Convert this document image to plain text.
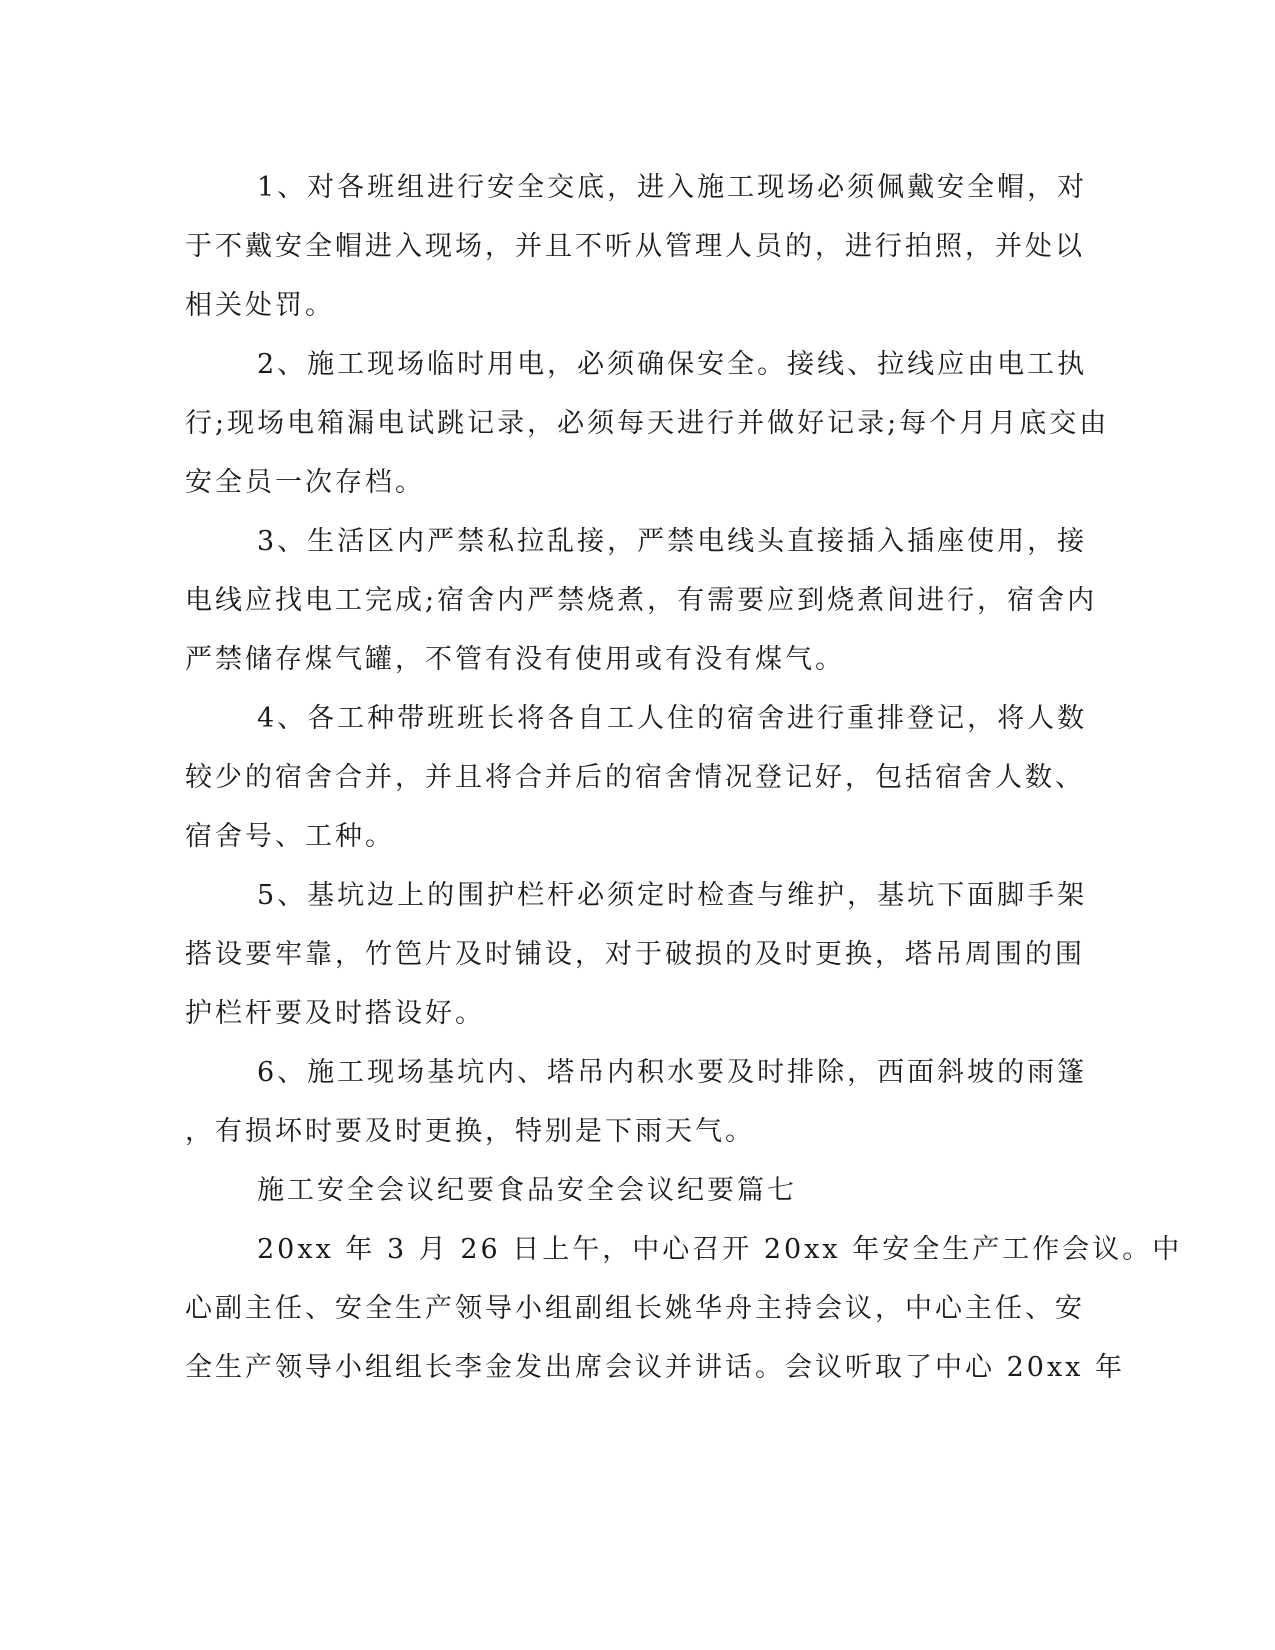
1、对各班组进行安全交底，进入施工现场必须佩戴安全帽，对
于不戴安全帽进入现场，并且不听从管理人员的，进行拍照，并处以
相关处罚。
2、施工现场临时用电，必须确保安全。接线、拉线应由电工执
行;现场电箱漏电试跳记录，必须每天进行并做好记录;每个月月底交由
安全员一次存档。
3、生活区内严禁私拉乱接，严禁电线头直接插入插座使用，接
电线应找电工完成;宿舍内严禁烧煮，有需要应到烧煮间进行，宿舍内
严禁储存煤气罐，不管有没有使用或有没有煤气。
4、各工种带班班长将各自工人住的宿舍进行重排登记，将人数
较少的宿舍合并，并且将合并后的宿舍情况登记好，包括宿舍人数、
宿舍号、工种。
5、基坑边上的围护栏杆必须定时检查与维护，基坑下面脚手架
搭设要牢靠，竹笆片及时铺设，对于破损的及时更换，塔吊周围的围
护栏杆要及时搭设好。
6、施工现场基坑内、塔吊内积水要及时排除，西面斜坡的雨篷
，有损坏时要及时更换，特别是下雨天气。
施工安全会议纪要食品安全会议纪要篇七
20xx 年 3 月 26 日上午，中心召开 20xx 年安全生产工作会议。中
心副主任、安全生产领导小组副组长姚华舟主持会议，中心主任、安
全生产领导小组组长李金发出席会议并讲话。会议听取了中心 20xx 年
